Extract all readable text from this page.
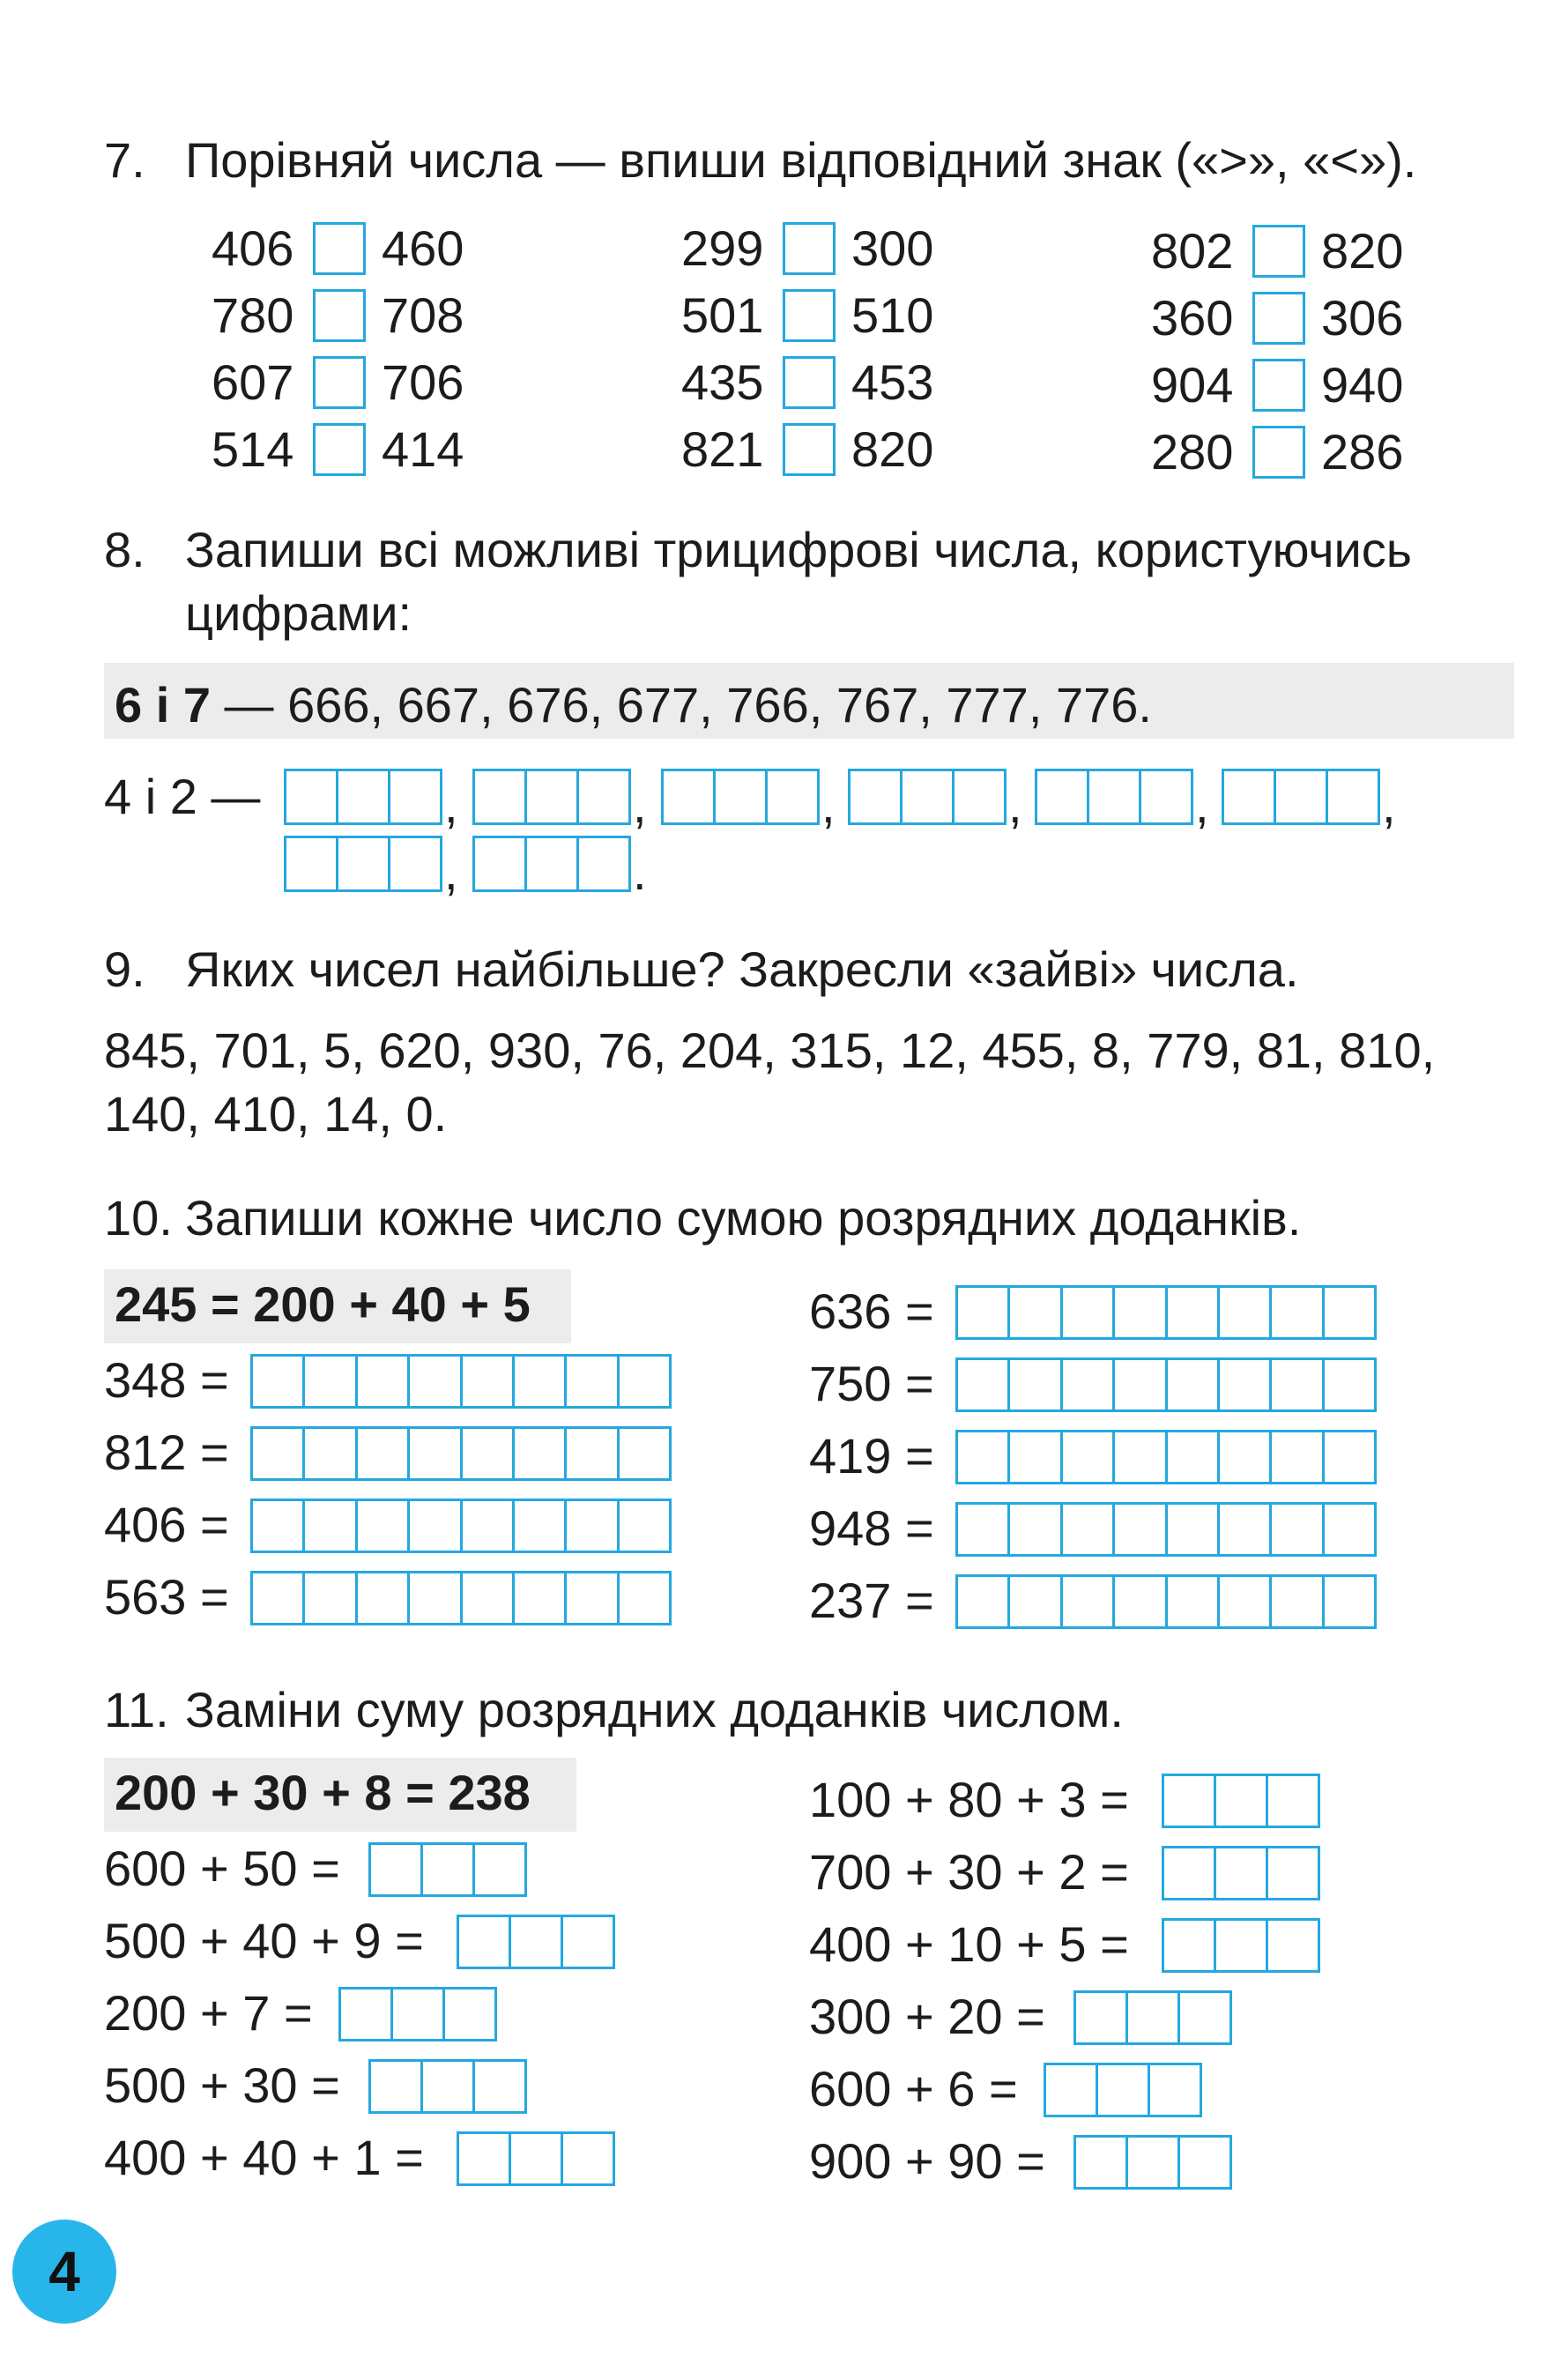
7. Порівняй числа — впиши відповідний знак («>», «<»).
406 460	299 300	802 820
780 708	501 510	360 306
607 706	435 453	904 940
514 414	821 820	280 286
8. Запиши всі можливі трицифрові числа, користуючись
цифрами:
6 і 7 — 666, 667, 676, 677, 766, 767, 777, 776.
4 і 2 —	,	,	,	,	,	,
,	.
9. Яких чисел найбільше? Закресли «зайві» числа.
845, 701, 5, 620, 930, 76, 204, 315, 12, 455, 8, 779, 81, 810,
140, 410, 14, 0.
10. Запиши кожне число сумою розрядних доданків.
245 = 200 + 40 + 5
348 =
812 =
406 =
563 =
636 =
750 =
419 =
948 =
237 =
11. Заміни суму розрядних доданків числом.
200 + 30 + 8 = 238
600 + 50 =
500 + 40 + 9 =
200 + 7 =
500 + 30 =
400 + 40 + 1 =
100 + 80 + 3 =
700 + 30 + 2 =
400 + 10 + 5 =
300 + 20 =
600 + 6 =
900 + 90 =
4
